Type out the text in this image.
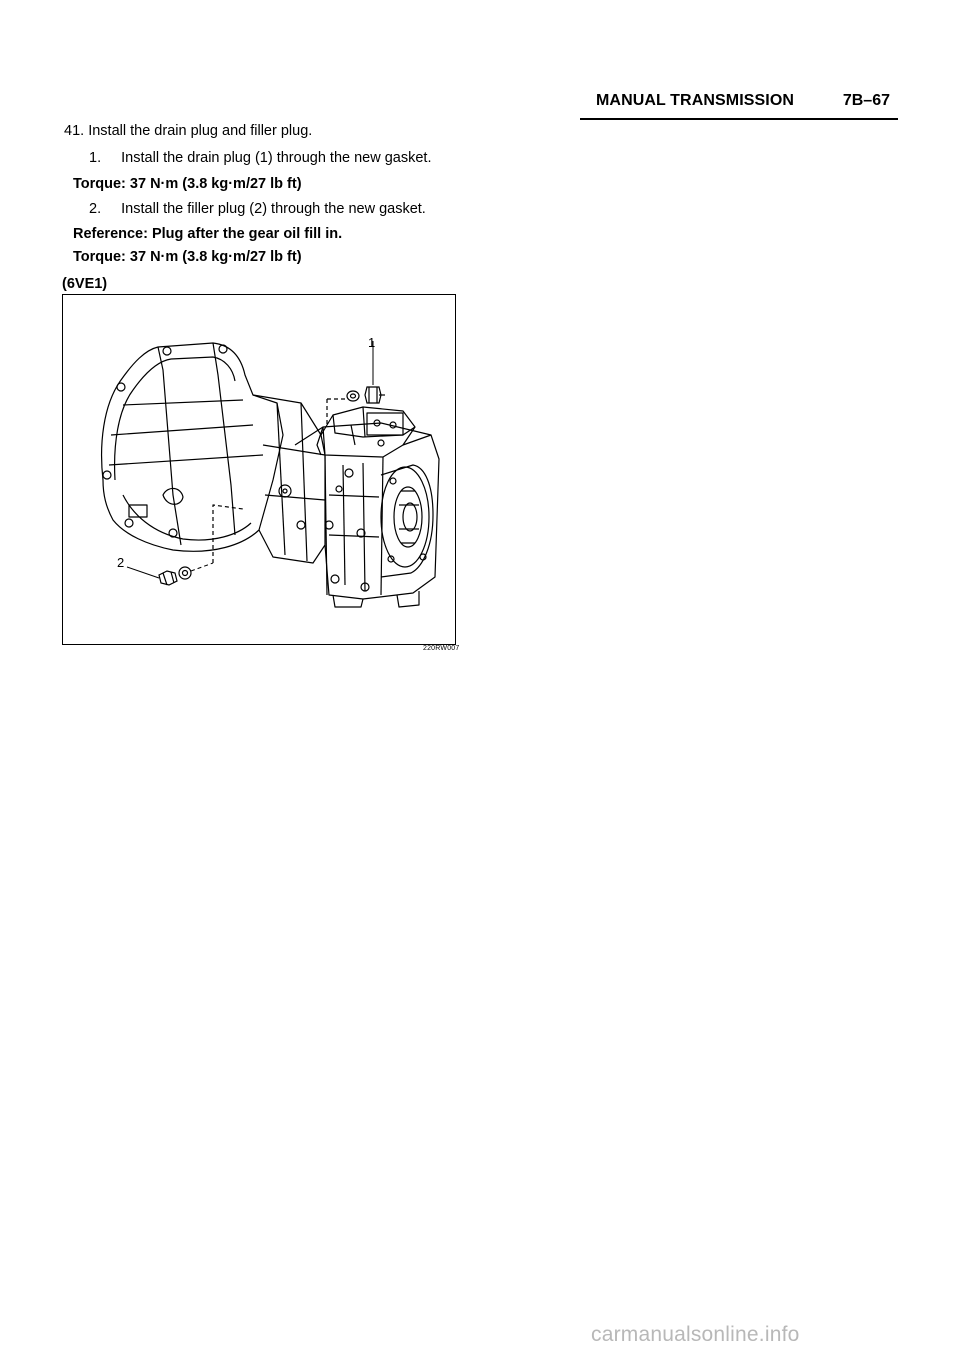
MANUAL TRANSMISSION	7B–67
41. Install the drain plug and filler plug.
1. Install the drain plug (1) through the new gasket.
Torque: 37 N·m (3.8 kg·m/27 lb ft)
2. Install the filler plug (2) through the new gasket.
Reference: Plug after the gear oil fill in.
Torque: 37 N·m (3.8 kg·m/27 lb ft)
(6VE1)
1
2
220RW007
carmanualsonline.info
